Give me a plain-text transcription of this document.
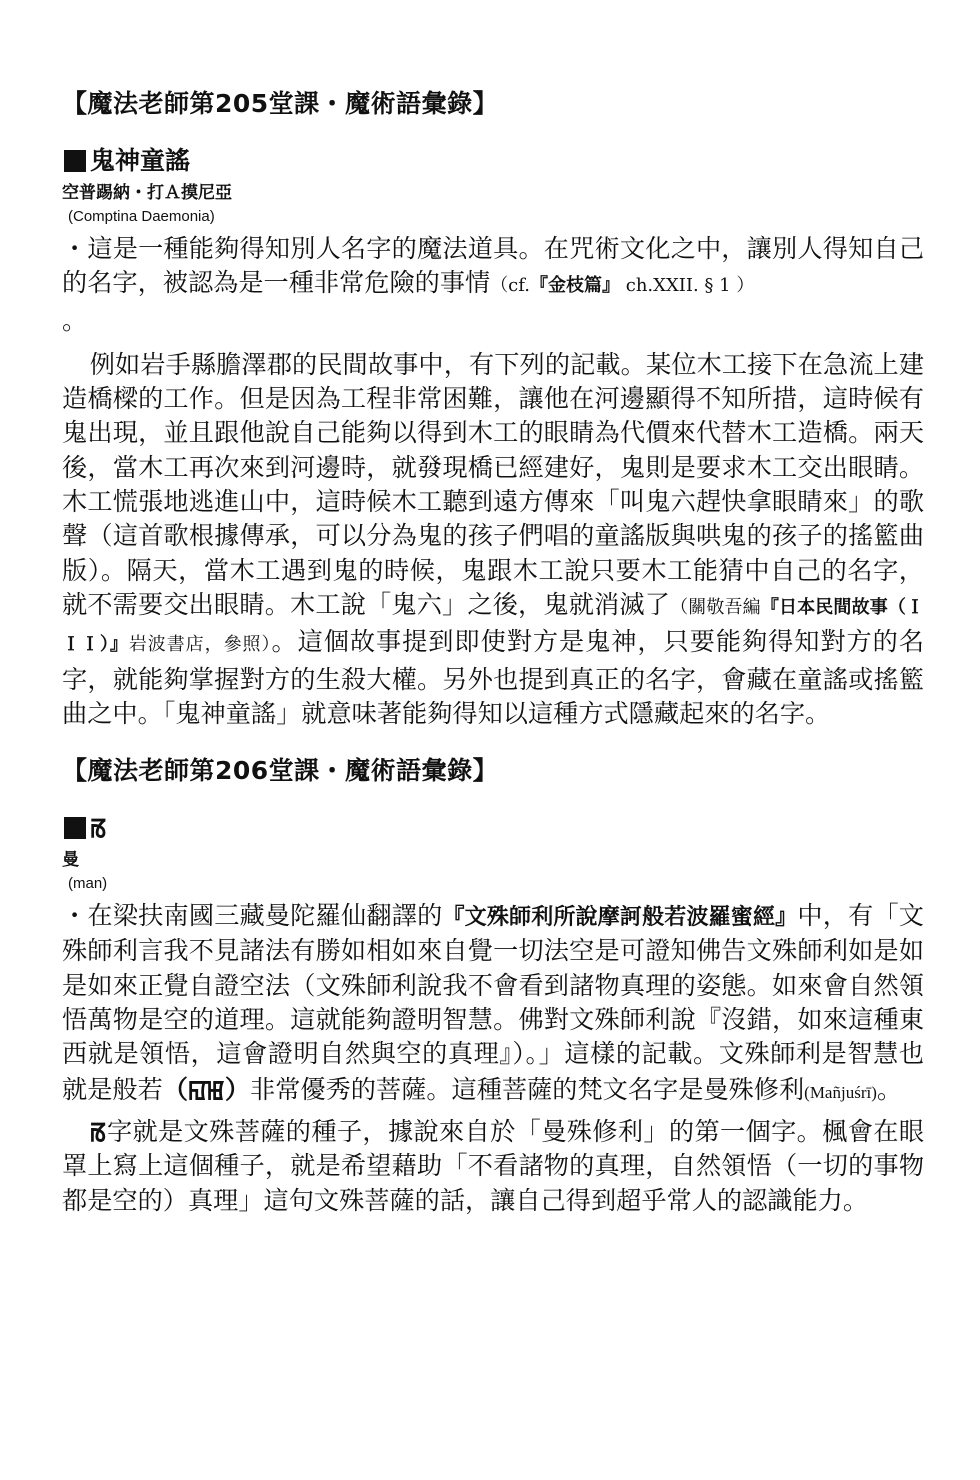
【魔法老師第205堂課・魔術語彙錄】
鬼神童謠
空普踢納・打Ａ摸尼亞
(Comptina Daemonia)

・這是一種能夠得知別人名字的魔法道具。在咒術文化之中，讓別人得知自己的名字，被認為是一種非常危險的事情（cf.『金枝篇』 ch.XXII. § 1 ）
。

例如岩手縣膽澤郡的民間故事中，有下列的記載。某位木工接下在急流上建造橋樑的工作。但是因為工程非常困難，讓他在河邊顯得不知所措，這時候有鬼出現，並且跟他說自己能夠以得到木工的眼睛為代價來代替木工造橋。兩天後，當木工再次來到河邊時，就發現橋已經建好，鬼則是要求木工交出眼睛。木工慌張地逃進山中，這時候木工聽到遠方傳來「叫鬼六趕快拿眼睛來」的歌聲（這首歌根據傳承，可以分為鬼的孩子們唱的童謠版與哄鬼的孩子的搖籃曲版）。隔天，當木工遇到鬼的時候，鬼跟木工說只要木工能猜中自己的名字，就不需要交出眼睛。木工說「鬼六」之後，鬼就消滅了（關敬吾編『日本民間故事（ＩＩＩ）』岩波書店，參照）。這個故事提到即使對方是鬼神，只要能夠得知對方的名字，就能夠掌握對方的生殺大權。另外也提到真正的名字，會藏在童謠或搖籃曲之中。「鬼神童謠」就意味著能夠得知以這種方式隱藏起來的名字。

【魔法老師第206堂課・魔術語彙錄】
ꡏ
曼
(man)

・在梁扶南國三藏曼陀羅仙翻譯的『文殊師利所說摩訶般若波羅蜜經』中，有「文殊師利言我不見諸法有勝如相如來自覺一切法空是可證知佛告文殊師利如是如是如來正覺自證空法（文殊師利說我不會看到諸物真理的姿態。如來會自然領悟萬物是空的道理。這就能夠證明智慧。佛對文殊師利說『沒錯，如來這種東西就是領悟，這會證明自然與空的真理』）。」這樣的記載。文殊師利是智慧也就是般若（ꡎꡅ）非常優秀的菩薩。這種菩薩的梵文名字是曼殊修利(Mañjuśrī)。

ꡏ字就是文殊菩薩的種子，據說來自於「曼殊修利」的第一個字。楓會在眼罩上寫上這個種子，就是希望藉助「不看諸物的真理，自然領悟（一切的事物都是空的）真理」這句文殊菩薩的話，讓自己得到超乎常人的認識能力。
